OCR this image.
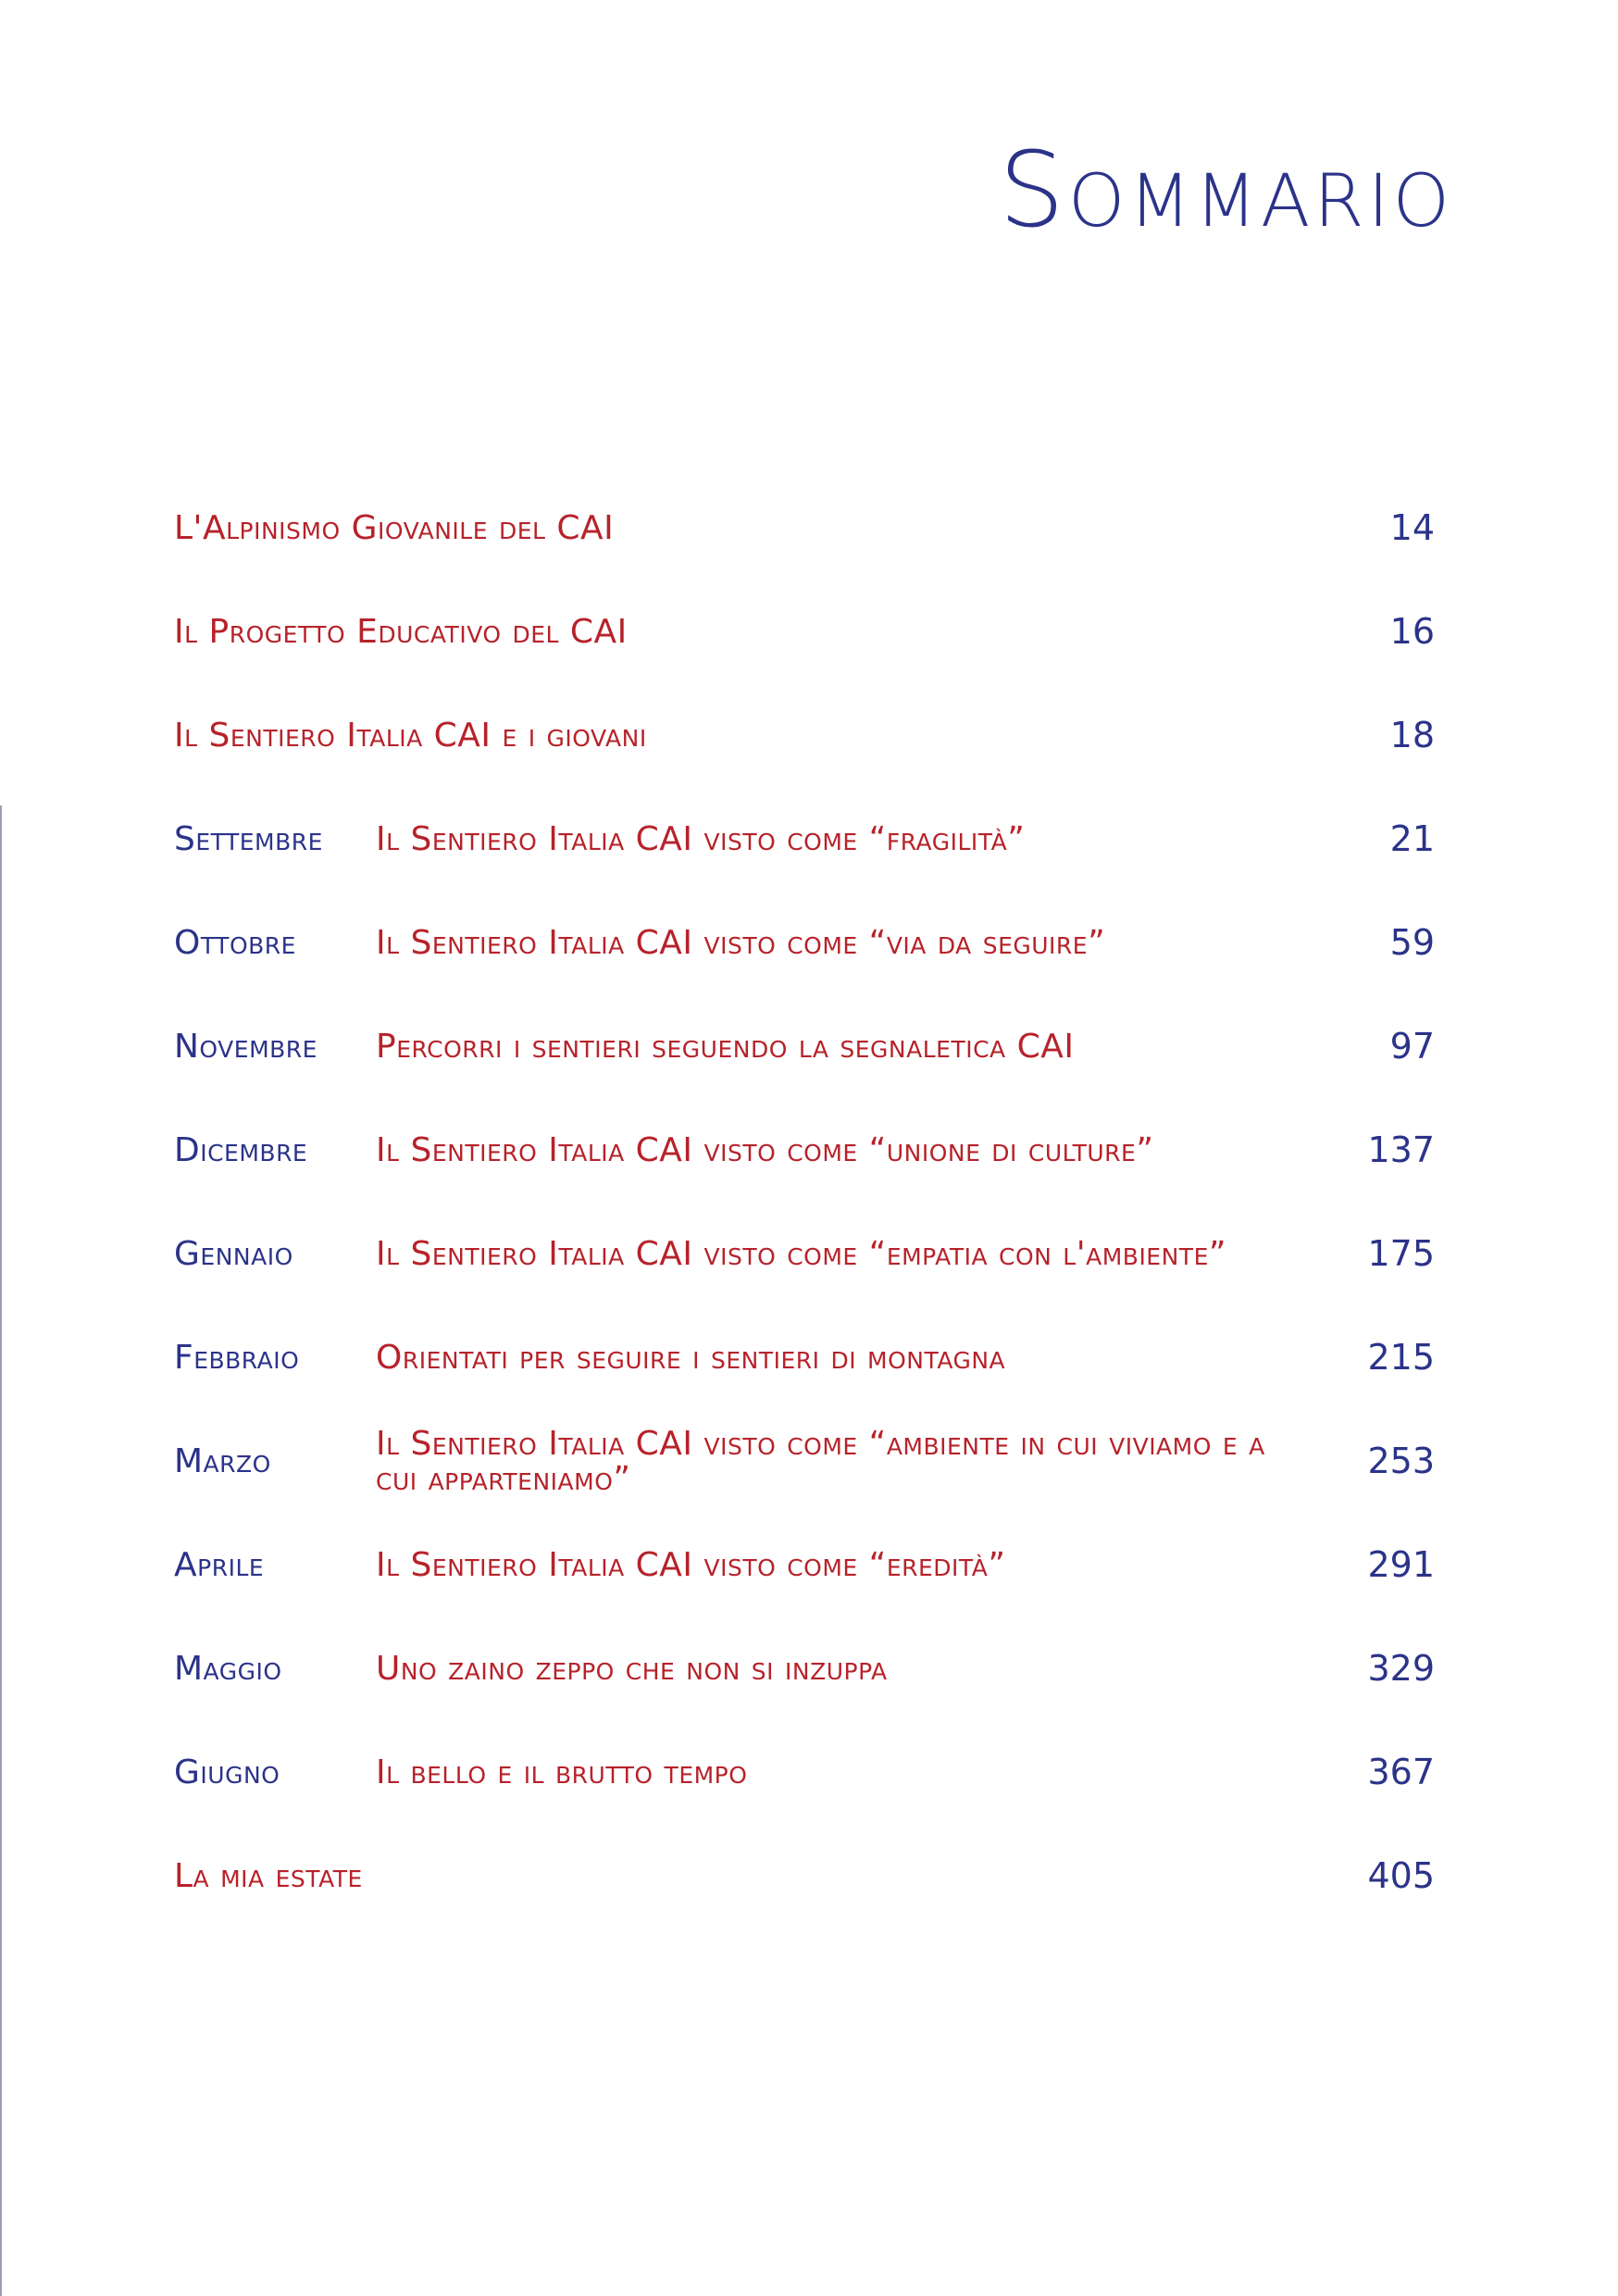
Sommario
L'Alpinismo Giovanile del CAI	14
Il Progetto Educativo del CAI	16
Il Sentiero Italia CAI e i giovani	18
Settembre	Il Sentiero Italia CAI visto come “fragilità”	21
Ottobre	Il Sentiero Italia CAI visto come “via da seguire”	59
Novembre	Percorri i sentieri seguendo la segnaletica CAI	97
Dicembre	Il Sentiero Italia CAI visto come “unione di culture”	137
Gennaio	Il Sentiero Italia CAI visto come “empatia con l'ambiente”	175
Febbraio	Orientati per seguire i sentieri di montagna	215
Marzo	Il Sentiero Italia CAI visto come “ambiente in cui viviamo e a cui apparteniamo”	253
Aprile	Il Sentiero Italia CAI visto come “eredità”	291
Maggio	Uno zaino zeppo che non si inzuppa	329
Giugno	Il bello e il brutto tempo	367
La mia estate	405
